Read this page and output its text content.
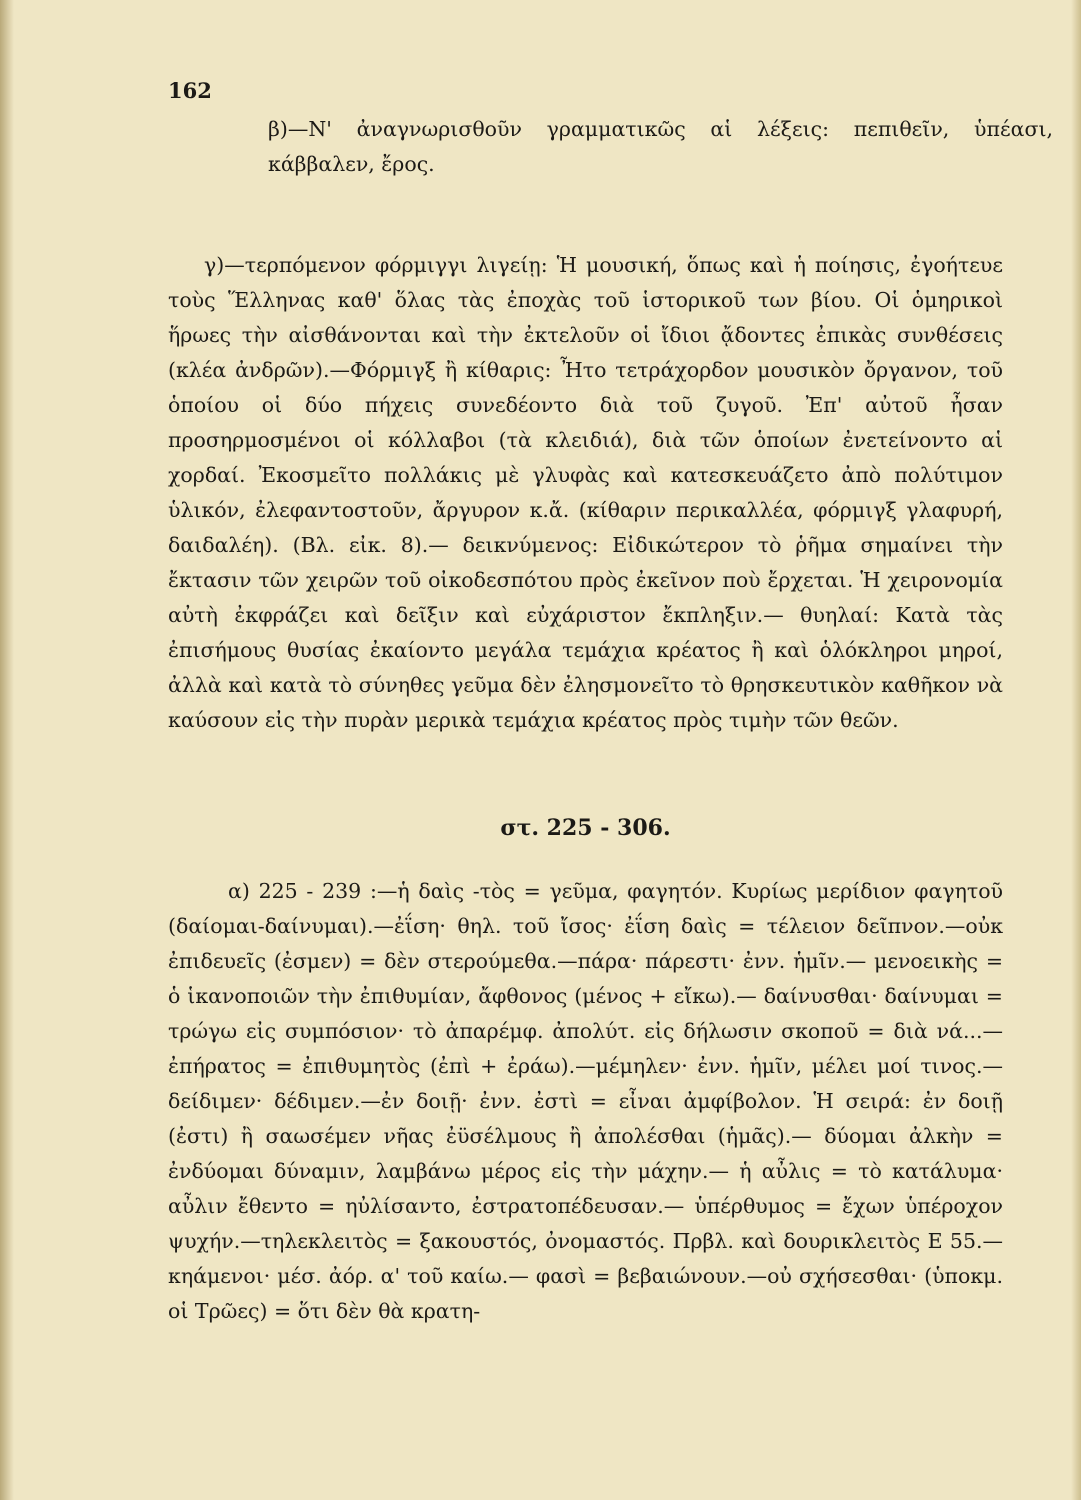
162

β)—Ν' ἀναγνωρισθοῦν γραμματικῶς αἱ λέξεις: πεπιθεῖν, ὑπέασι, κάββαλεν, ἔρος.

γ)—τερπόμενον φόρμιγγι λιγείῃ: Ἡ μουσική, ὅπως καὶ ἡ ποίησις, ἐγοήτευε τοὺς Ἕλληνας καθ' ὅλας τὰς ἐποχὰς τοῦ ἱστορικοῦ των βίου. Οἱ ὁμηρικοὶ ἥρωες τὴν αἰσθάνονται καὶ τὴν ἐκτελοῦν οἱ ἴδιοι ᾄδοντες ἐπικὰς συνθέσεις (κλέα ἀνδρῶν).—Φόρμιγξ ἢ κίθαρις: Ἦτο τετράχορδον μουσικὸν ὄργανον, τοῦ ὁποίου οἱ δύο πήχεις συνεδέοντο διὰ τοῦ ζυγοῦ. Ἐπ' αὐτοῦ ἦσαν προσηρμοσμένοι οἱ κόλλαβοι (τὰ κλειδιά), διὰ τῶν ὁποίων ἐνετείνοντο αἱ χορδαί. Ἐκοσμεῖτο πολλάκις μὲ γλυφὰς καὶ κατεσκευάζετο ἀπὸ πολύτιμον ὑλικόν, ἐλεφαντοστοῦν, ἄργυρον κ.ἄ. (κίθαριν περικαλλέα, φόρμιγξ γλαφυρή, δαιδαλέη). (Βλ. εἰκ. 8).— δεικνύμενος: Εἰδικώτερον τὸ ῥῆμα σημαίνει τὴν ἔκτασιν τῶν χειρῶν τοῦ οἰκοδεσπότου πρὸς ἐκεῖνον ποὺ ἔρχεται. Ἡ χειρονομία αὐτὴ ἐκφράζει καὶ δεῖξιν καὶ εὐχάριστον ἔκπληξιν.— θυηλαί: Κατὰ τὰς ἐπισήμους θυσίας ἐκαίοντο μεγάλα τεμάχια κρέατος ἢ καὶ ὁλόκληροι μηροί, ἀλλὰ καὶ κατὰ τὸ σύνηθες γεῦμα δὲν ἐλησμονεῖτο τὸ θρησκευτικὸν καθῆκον νὰ καύσουν εἰς τὴν πυρὰν μερικὰ τεμάχια κρέατος πρὸς τιμὴν τῶν θεῶν.

στ. 225 - 306.

α) 225 - 239 :—ἡ δαὶς -τὸς = γεῦμα, φαγητόν. Κυρίως μερίδιον φαγητοῦ (δαίομαι-δαίνυμαι).—ἐΐση· θηλ. τοῦ ἴσος· ἐΐση δαὶς = τέλειον δεῖπνον.—οὐκ ἐπιδευεῖς (ἐσμεν) = δὲν στερούμεθα.—πάρα· πάρεστι· ἐνν. ἡμῖν.— μενοεικὴς = ὁ ἱκανοποιῶν τὴν ἐπιθυμίαν, ἄφθονος (μένος + εἴκω).— δαίνυσθαι· δαίνυμαι = τρώγω εἰς συμπόσιον· τὸ ἀπαρέμφ. ἀπολύτ. εἰς δήλωσιν σκοποῦ = διὰ νά...—ἐπήρατος = ἐπιθυμητὸς (ἐπὶ + ἐράω).—μέμηλεν· ἐνν. ἡμῖν, μέλει μοί τινος.—δείδιμεν· δέδιμεν.—ἐν δοιῇ· ἐνν. ἐστὶ = εἶναι ἀμφίβολον. Ἡ σειρά: ἐν δοιῇ (ἐστι) ἢ σαωσέμεν νῆας ἐϋσέλμους ἢ ἀπολέσθαι (ἡμᾶς).— δύομαι ἀλκὴν = ἐνδύομαι δύναμιν, λαμβάνω μέρος εἰς τὴν μάχην.— ἡ αὖλις = τὸ κατάλυμα· αὖλιν ἔθεντο = ηὐλίσαντο, ἐστρατοπέδευσαν.— ὑπέρθυμος = ἔχων ὑπέροχον ψυχήν.—τηλεκλειτὸς = ξακουστός, ὀνομαστός. Πρβλ. καὶ δουρικλειτὸς Ε 55.— κηάμενοι· μέσ. ἀόρ. α' τοῦ καίω.— φασὶ = βεβαιώνουν.—οὐ σχήσεσθαι· (ὑποκμ. οἱ Τρῶες) = ὅτι δὲν θὰ κρατη-
